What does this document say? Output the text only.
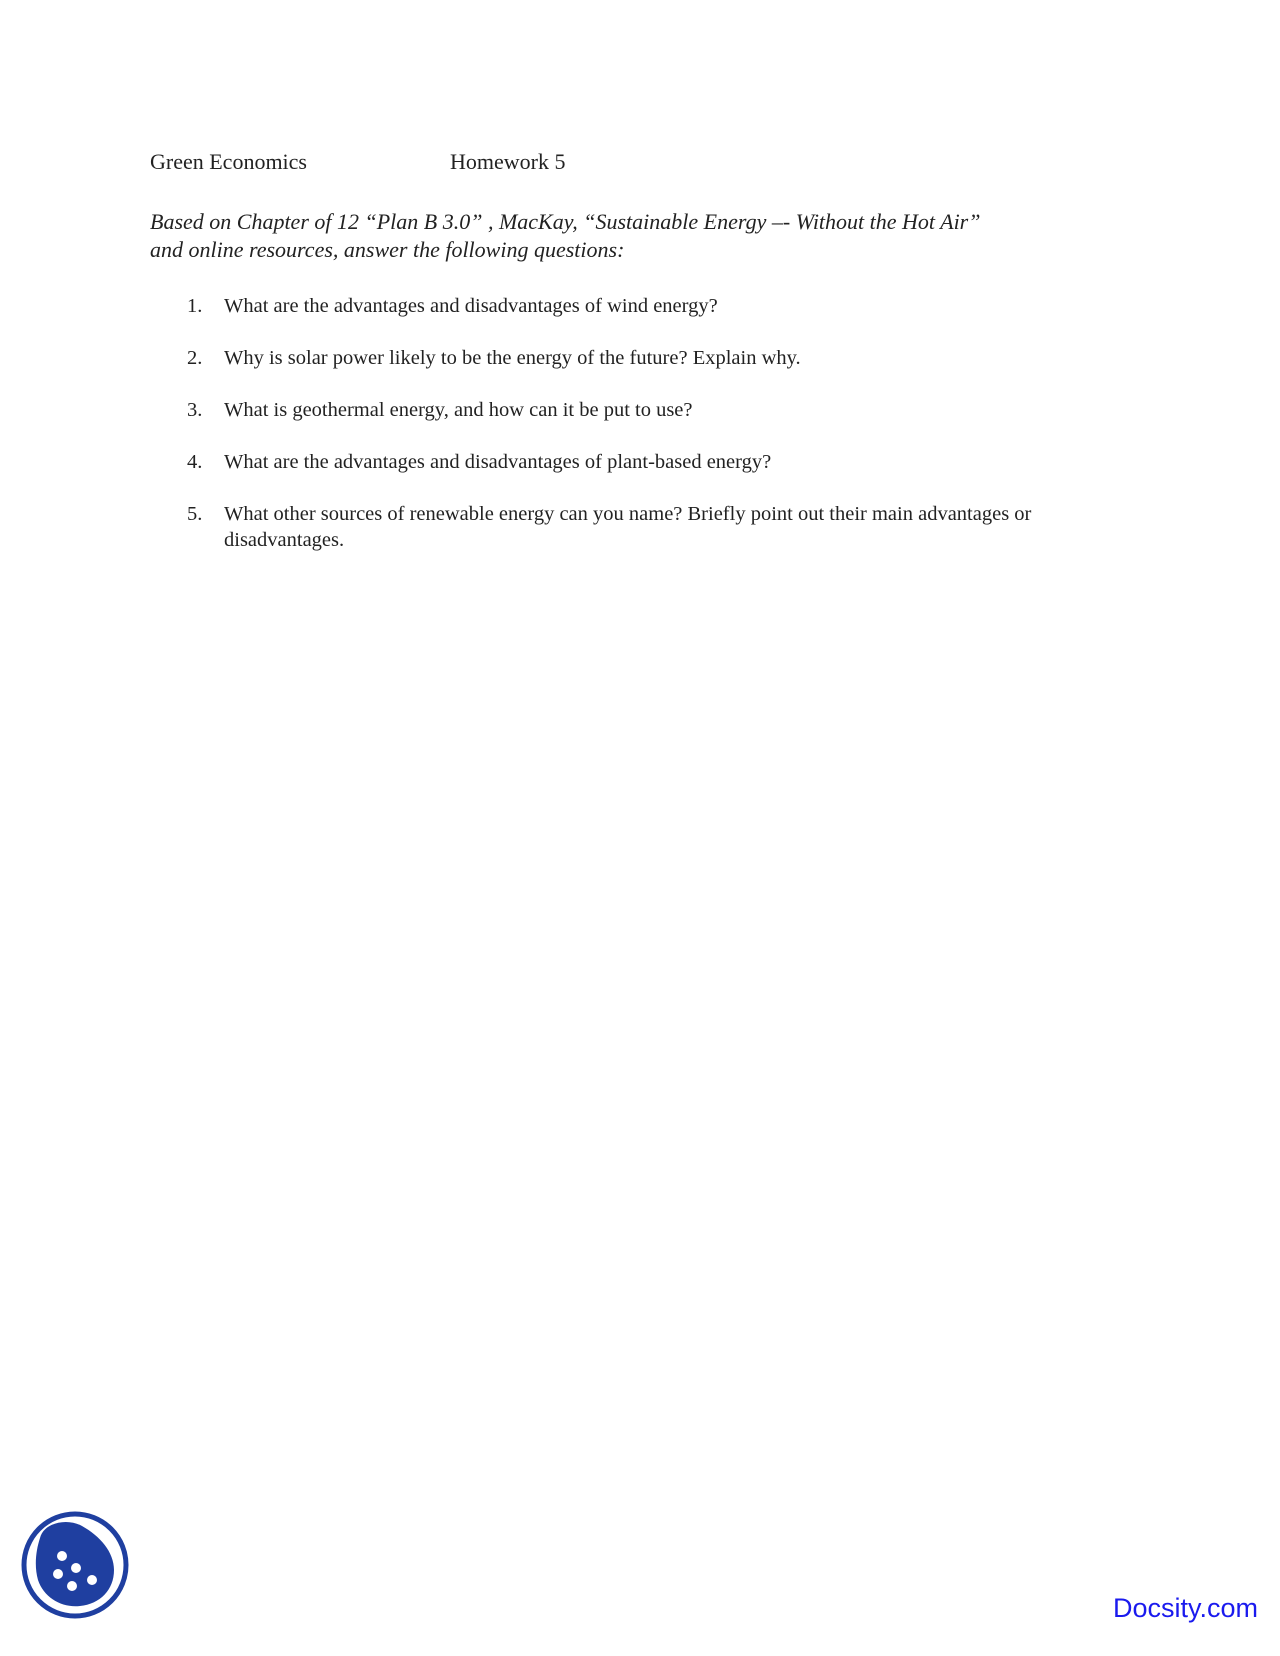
Green Economics	Homework 5
Based on Chapter of 12 “Plan B 3.0” , MacKay, “Sustainable Energy –- Without the Hot Air”
and online resources, answer the following questions:
1. What are the advantages and disadvantages of wind energy?
2. Why is solar power likely to be the energy of the future? Explain why.
3. What is geothermal energy, and how can it be put to use?
4. What are the advantages and disadvantages of plant-based energy?
5. What other sources of renewable energy can you name? Briefly point out their main advantages or disadvantages.
Docsity.com
